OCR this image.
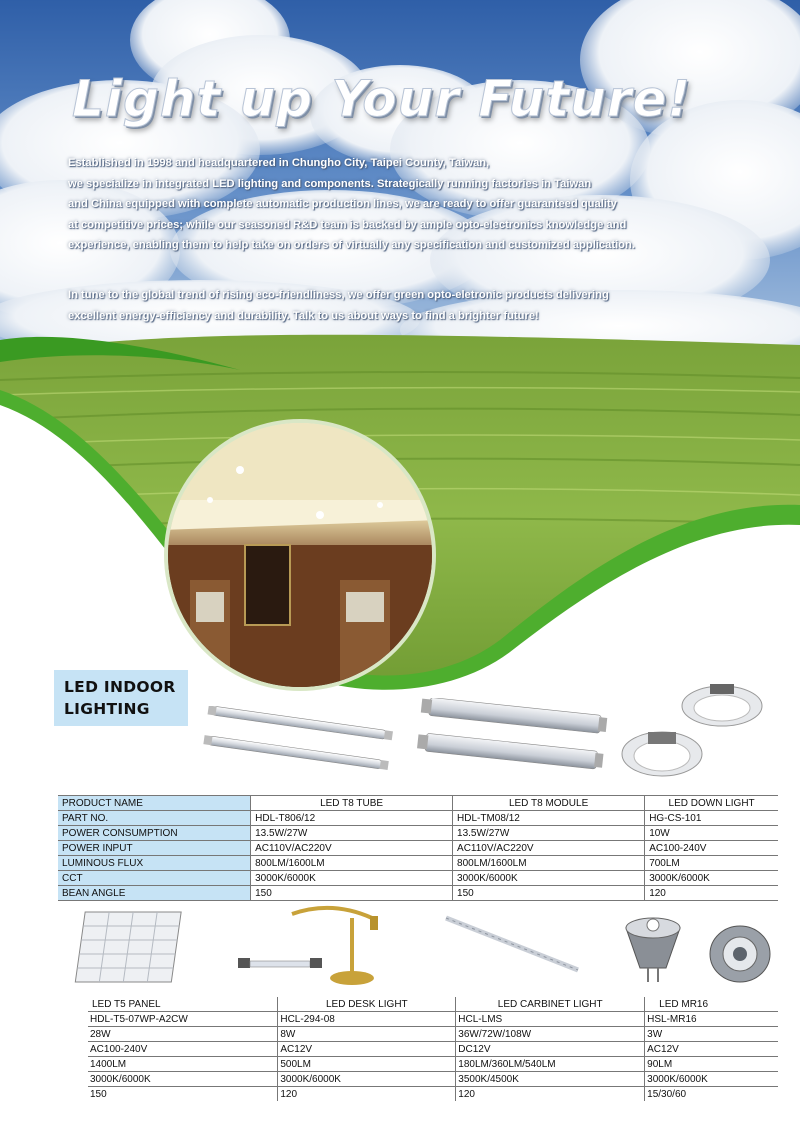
Light up Your Future!

Established in 1998 and headquartered in Chungho City, Taipei County, Taiwan,
we specialize in integrated LED lighting and components. Strategically running factories in Taiwan
and China equipped with complete automatic production lines, we are ready to offer guaranteed quality
at competitive prices; while our seasoned R&D team is backed by ample opto-electronics knowledge and
experience, enabling them to help take on orders of virtually any specification and customized application.

In tune to the global trend of rising eco-friendliness, we offer green opto-eletronic products delivering
excellent energy-efficiency and durability. Talk to us about ways to find a brighter future!

LED INDOOR
LIGHTING
PRODUCT NAME	LED T8 TUBE	LED T8 MODULE	LED DOWN LIGHT
PART NO.	HDL-T806/12	HDL-TM08/12	HG-CS-101
POWER CONSUMPTION	13.5W/27W	13.5W/27W	10W
POWER INPUT	AC110V/AC220V	AC110V/AC220V	AC100-240V
LUMINOUS FLUX	800LM/1600LM	800LM/1600LM	700LM
CCT	3000K/6000K	3000K/6000K	3000K/6000K
BEAN ANGLE	150	150	120
LED T5 PANEL	LED DESK LIGHT	LED CARBINET LIGHT	LED MR16
HDL-T5-07WP-A2CW	HCL-294-08	HCL-LMS	HSL-MR16
28W	8W	36W/72W/108W	3W
AC100-240V	AC12V	DC12V	AC12V
1400LM	500LM	180LM/360LM/540LM	90LM
3000K/6000K	3000K/6000K	3500K/4500K	3000K/6000K
150	120	120	15/30/60
